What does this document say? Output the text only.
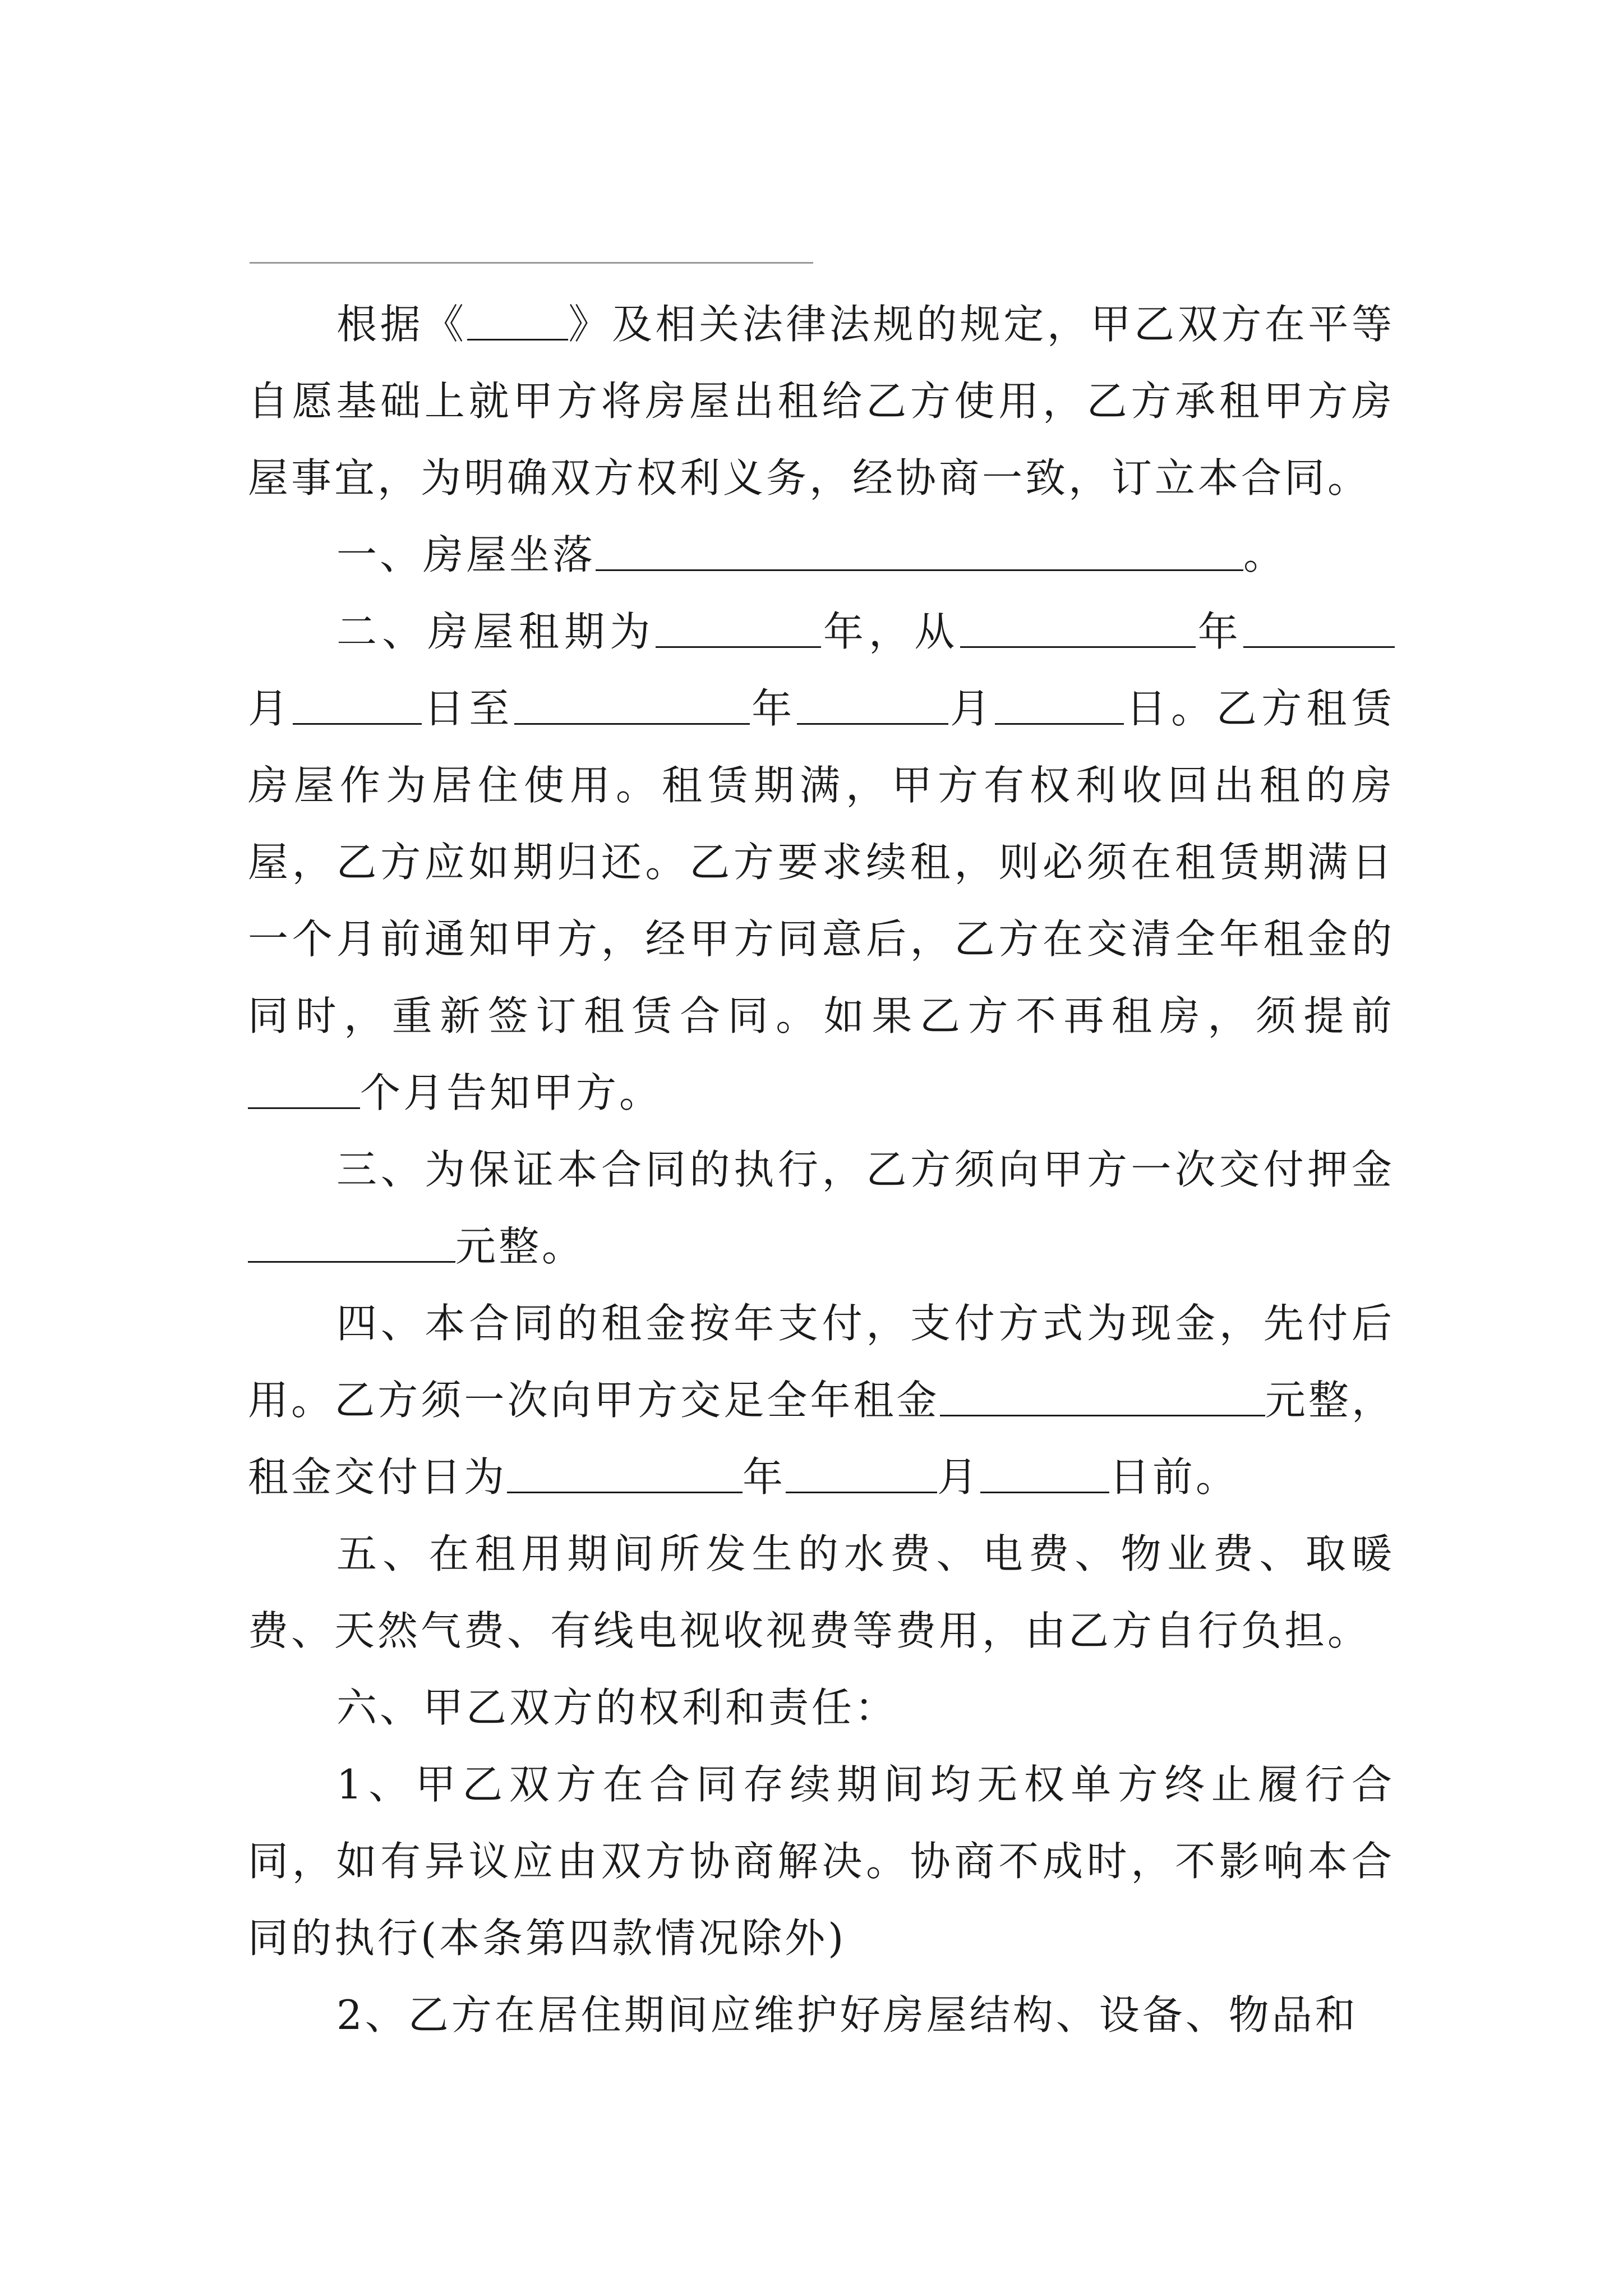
根据《	》及相关法律法规的规定，甲乙双方在平等自愿基础上就甲方将房屋出租给乙方使用，乙方承租甲方房屋事宜，为明确双方权利义务，经协商一致，订立本合同。

一、房屋坐落	。

二、房屋租期为	年，从	年月	日至	年	月	日。乙方租赁房屋作为居住使用。租赁期满，甲方有权利收回出租的房屋，乙方应如期归还。乙方要求续租，则必须在租赁期满日一个月前通知甲方，经甲方同意后，乙方在交清全年租金的同时，重新签订租赁合同。如果乙方不再租房，须提前个月告知甲方。

三、为保证本合同的执行，乙方须向甲方一次交付押金元整。

四、本合同的租金按年支付，支付方式为现金，先付后用。乙方须一次向甲方交足全年租金	元整，租金交付日为	年	月	日前。

五、在租用期间所发生的水费、电费、物业费、取暖费、天然气费、有线电视收视费等费用，由乙方自行负担。

六、甲乙双方的权利和责任：

1、甲乙双方在合同存续期间均无权单方终止履行合同，如有异议应由双方协商解决。协商不成时，不影响本合同的执行(本条第四款情况除外)

2、乙方在居住期间应维护好房屋结构、设备、物品和
